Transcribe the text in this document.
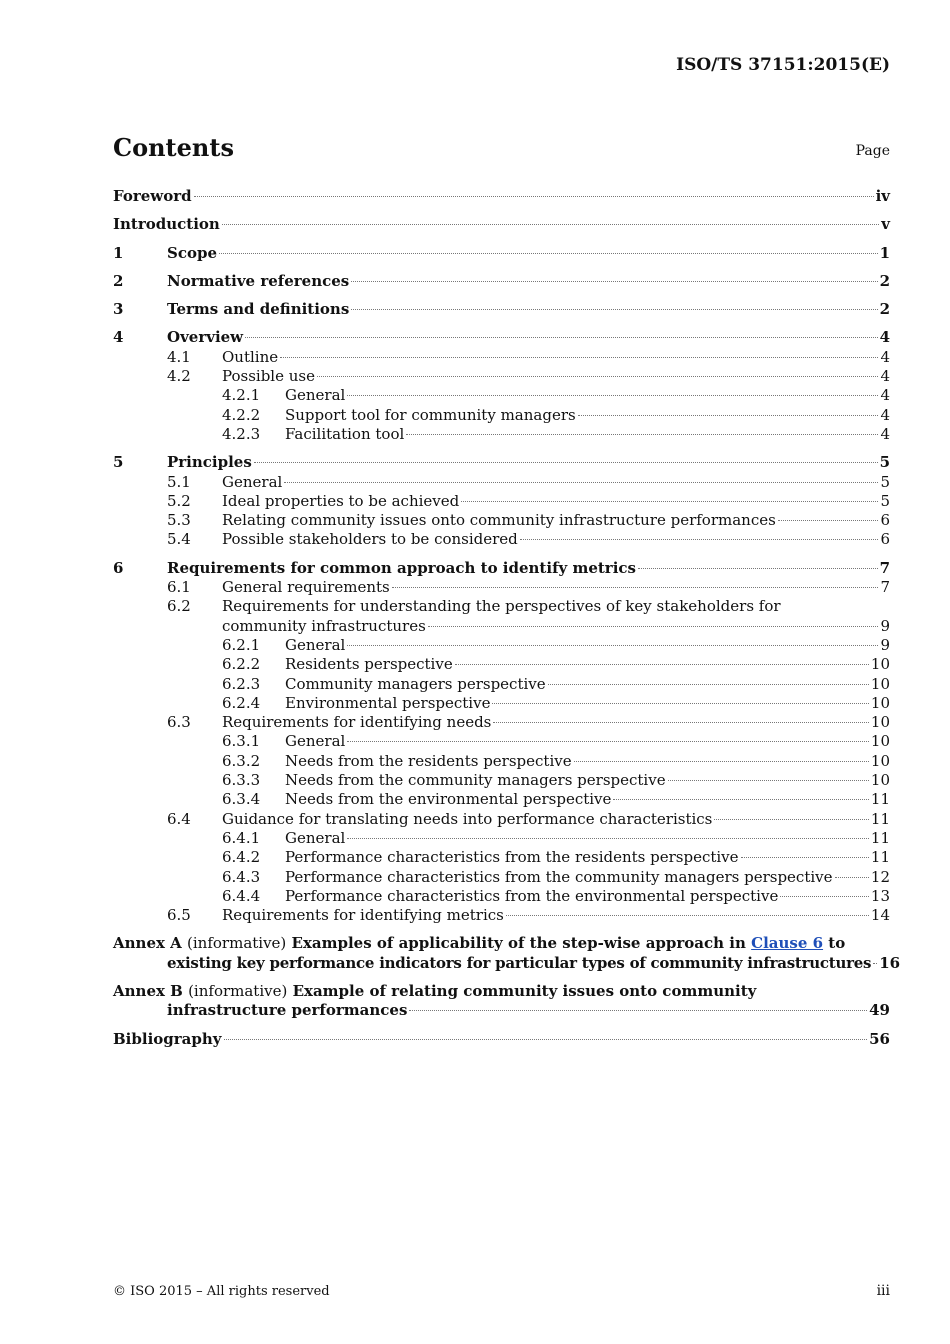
ISO/TS 37151:2015(E)
Contents	Page
Foreword	iv
Introduction	v
1	Scope	1
2	Normative references	2
3	Terms and definitions	2
4	Overview	4
4.1	Outline	4
4.2	Possible use	4
4.2.1	General	4
4.2.2	Support tool for community managers	4
4.2.3	Facilitation tool	4
5	Principles	5
5.1	General	5
5.2	Ideal properties to be achieved	5
5.3	Relating community issues onto community infrastructure performances	6
5.4	Possible stakeholders to be considered	6
6	Requirements for common approach to identify metrics	7
6.1	General requirements	7
6.2	Requirements for understanding the perspectives of key stakeholders for
community infrastructures	9
6.2.1	General	9
6.2.2	Residents perspective	10
6.2.3	Community managers perspective	10
6.2.4	Environmental perspective	10
6.3	Requirements for identifying needs	10
6.3.1	General	10
6.3.2	Needs from the residents perspective	10
6.3.3	Needs from the community managers perspective	10
6.3.4	Needs from the environmental perspective	11
6.4	Guidance for translating needs into performance characteristics	11
6.4.1	General	11
6.4.2	Performance characteristics from the residents perspective	11
6.4.3	Performance characteristics from the community managers perspective	12
6.4.4	Performance characteristics from the environmental perspective	13
6.5	Requirements for identifying metrics	14
Annex A (informative) Examples of applicability of the step-wise approach in Clause 6 to
existing key performance indicators for particular types of community infrastructures 16
Annex B (informative) Example of relating community issues onto community
infrastructure performances	49
Bibliography	56
© ISO 2015 – All rights reserved	iii
